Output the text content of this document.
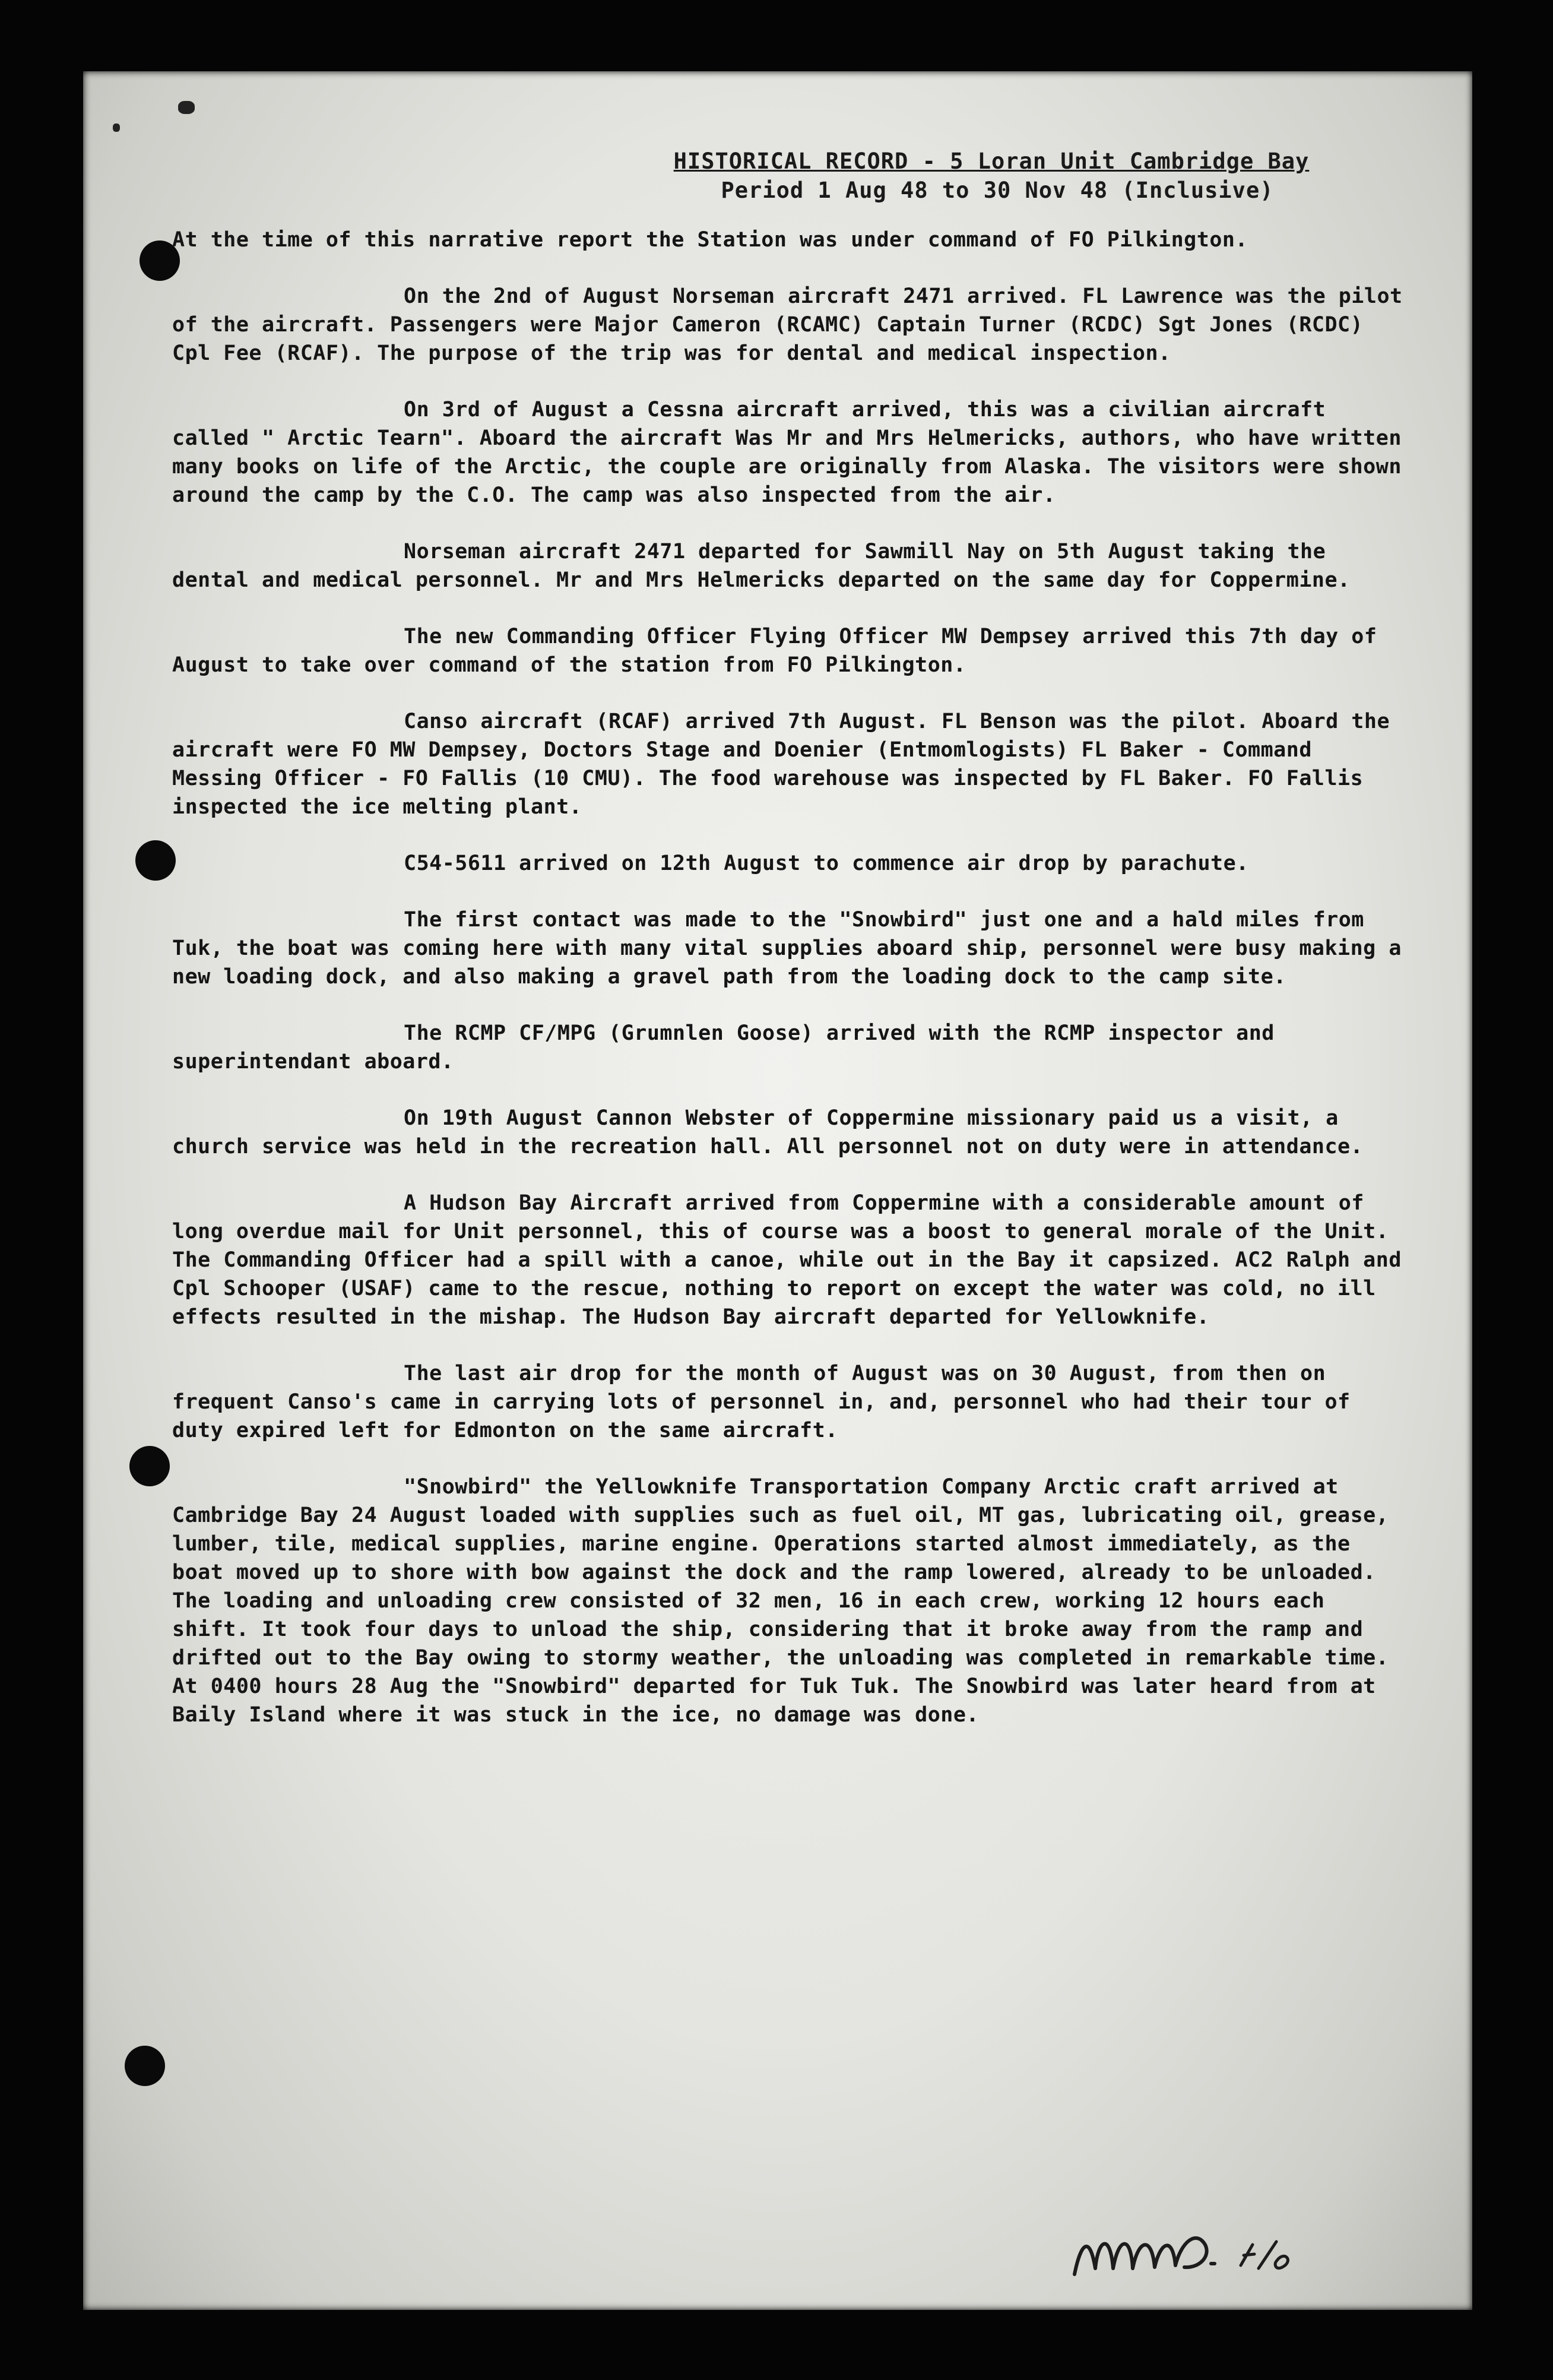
HISTORICAL RECORD - 5 Loran Unit Cambridge Bay
Period 1 Aug 48 to 30 Nov 48 (Inclusive)

At the time of this narrative report the Station was under command of FO Pilkington.

On the 2nd of August Norseman aircraft 2471 arrived. FL Lawrence was the pilot of the aircraft. Passengers were Major Cameron (RCAMC) Captain Turner (RCDC) Sgt Jones (RCDC) Cpl Fee (RCAF). The purpose of the trip was for dental and medical inspection.

On 3rd of August a Cessna aircraft arrived, this was a civilian aircraft called " Arctic Tearn". Aboard the aircraft Was Mr and Mrs Helmericks, authors, who have written many books on life of the Arctic, the couple are originally from Alaska. The visitors were shown around the camp by the C.O. The camp was also inspected from the air.

Norseman aircraft 2471 departed for Sawmill Nay on 5th August taking the dental and medical personnel. Mr and Mrs Helmericks departed on the same day for Coppermine.

The new Commanding Officer Flying Officer MW Dempsey arrived this 7th day of August to take over command of the station from FO Pilkington.

Canso aircraft (RCAF) arrived 7th August. FL Benson was the pilot. Aboard the aircraft were FO MW Dempsey, Doctors Stage and Doenier (Entmomlogists) FL Baker - Command Messing Officer - FO Fallis (10 CMU). The food warehouse was inspected by FL Baker. FO Fallis inspected the ice melting plant.

C54-5611 arrived on 12th August to commence air drop by parachute.

The first contact was made to the "Snowbird" just one and a hald miles from Tuk, the boat was coming here with many vital supplies aboard ship, personnel were busy making a new loading dock, and also making a gravel path from the loading dock to the camp site.

The RCMP CF/MPG (Grumnlen Goose) arrived with the RCMP inspector and superintendant aboard.

On 19th August Cannon Webster of Coppermine missionary paid us a visit, a church service was held in the recreation hall. All personnel not on duty were in attendance.

A Hudson Bay Aircraft arrived from Coppermine with a considerable amount of long overdue mail for Unit personnel, this of course was a boost to general morale of the Unit. The Commanding Officer had a spill with a canoe, while out in the Bay it capsized. AC2 Ralph and Cpl Schooper (USAF) came to the rescue, nothing to report on except the water was cold, no ill effects resulted in the mishap. The Hudson Bay aircraft departed for Yellowknife.

The last air drop for the month of August was on 30 August, from then on frequent Canso's came in carrying lots of personnel in, and, personnel who had their tour of duty expired left for Edmonton on the same aircraft.

"Snowbird" the Yellowknife Transportation Company Arctic craft arrived at Cambridge Bay 24 August loaded with supplies such as fuel oil, MT gas, lubricating oil, grease, lumber, tile, medical supplies, marine engine. Operations started almost immediately, as the boat moved up to shore with bow against the dock and the ramp lowered, already to be unloaded. The loading and unloading crew consisted of 32 men, 16 in each crew, working 12 hours each shift. It took four days to unload the ship, considering that it broke away from the ramp and drifted out to the Bay owing to stormy weather, the unloading was completed in remarkable time. At 0400 hours 28 Aug the "Snowbird" departed for Tuk Tuk. The Snowbird was later heard from at Baily Island where it was stuck in the ice, no damage was done.
